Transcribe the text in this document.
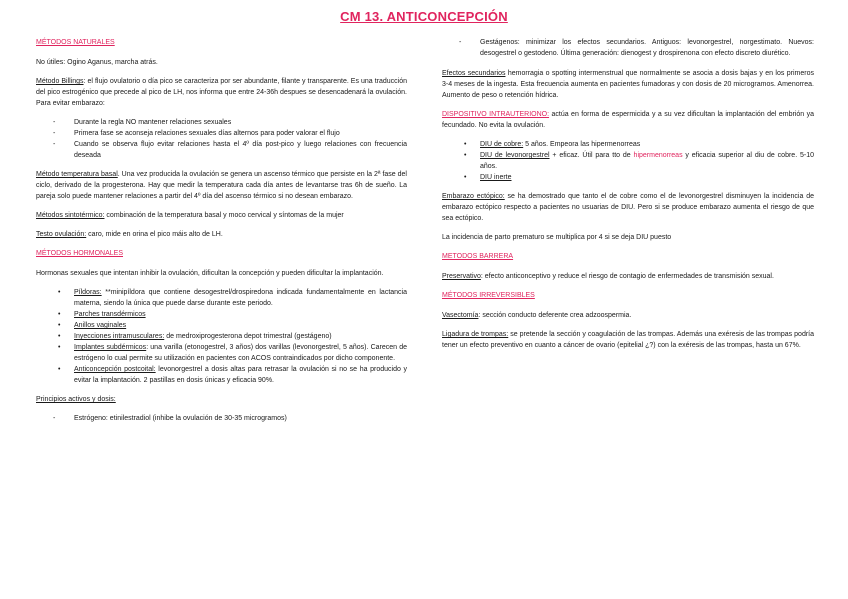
CM 13. ANTICONCEPCIÓN
MÉTODOS NATURALES

No útiles: Ogino Aganus, marcha atrás.

Método Billings: el flujo ovulatorio o día pico se caracteriza por ser abundante, filante y transparente. Es una traducción del pico estrogénico que precede al pico de LH, nos informa que entre 24-36h despues se desencadenará la ovulación. Para evitar embarazo:

- Durante la regla NO mantener relaciones sexuales
- Primera fase se aconseja relaciones sexuales días alternos para poder valorar el flujo
- Cuando se observa flujo evitar relaciones hasta el 4º día post-pico y luego relaciones con frecuencia deseada

Método temperatura basal. Una vez producida la ovulación se genera un ascenso térmico que persiste en la 2ª fase del ciclo, derivado de la progesterona. Hay que medir la temperatura cada día antes de levantarse tras 6h de sueño. La pareja solo puede mantener relaciones a partir del 4º día del ascenso térmico si no desean embarazo.

Métodos sintotérmico: combinación de la temperatura basal y moco cervical y síntomas de la mujer

Testo ovulación: caro, mide en orina el pico máis alto de LH.

MÉTODOS HORMONALES

Hormonas sexuales que intentan inhibir la ovulación, dificultan la concepción y pueden dificultar la implantación.

• Píldoras: **minipíldora que contiene desogestrel/drospiredona indicada fundamentalmente en lactancia materna, siendo la única que puede darse durante este periodo.
• Parches transdérmicos
• Anillos vaginales
• Inyecciones intramusculares: de medroxiprogesterona depot trimestral (gestágeno)
• Implantes subdérmicos: una varilla (etonogestrel, 3 años) dos varillas (levonorgestrel, 5 años). Carecen de estrógeno lo cual permite su utilización en pacientes con ACOS contraindicados por dicho componente.
• Anticoncepción postcoital: levonorgestrel a dosis altas para retrasar la ovulación si no se ha producido y evitar la implantación. 2 pastillas en dosis únicas y eficacia 90%.

Principios activos y dosis:

- Estrógeno: etinilestradiol (inhibe la ovulación de 30-35 microgramos)
- Gestágenos: minimizar los efectos secundarios. Antiguos: levonorgestrel, norgestimato. Nuevos: desogestrel o gestodeno. Última generación: dienogest y drospirenona con efecto discreto diurético.

Efectos secundarios hemorragia o spotting intermenstrual que normalmente se asocia a dosis bajas y en los primeros 3-4 meses de la ingesta. Esta frecuencia aumenta en pacientes fumadoras y con dosis de 20 microgramos. Amenorrea. Aumento de peso o retención hídrica.

DISPOSITIVO INTRAUTERIONO: actúa en forma de espermicida y a su vez dificultan la implantación del embrión ya fecundado. No evita la ovulación.

• DIU de cobre: 5 años. Empeora las hipermenorreas
• DIU de levonorgestrel + eficaz. Útil para tto de hipermenorreas y eficacia superior al diu de cobre. 5-10 años.
• DIU inerte

Embarazo ectópico: se ha demostrado que tanto el de cobre como el de levonorgestrel disminuyen la incidencia de embarazo ectópico respecto a pacientes no usuarias de DIU. Pero si se produce embarazo aumenta el riesgo de que sea ectópico.

La incidencia de parto prematuro se multiplica por 4 si se deja DIU puesto

METODOS BARRERA

Preservativo: efecto anticonceptivo y reduce el riesgo de contagio de enfermedades de transmisión sexual.

MÉTODOS IRREVERSIBLES

Vasectomía: sección conducto deferente crea adzoospermia.

Ligadura de trompas: se pretende la sección y coagulación de las trompas. Además una exéresis de las trompas podría tener un efecto preventivo en cuanto a cáncer de ovario (epitelial ¿?) con la exéresis de las trompas, hasta un 67%.
